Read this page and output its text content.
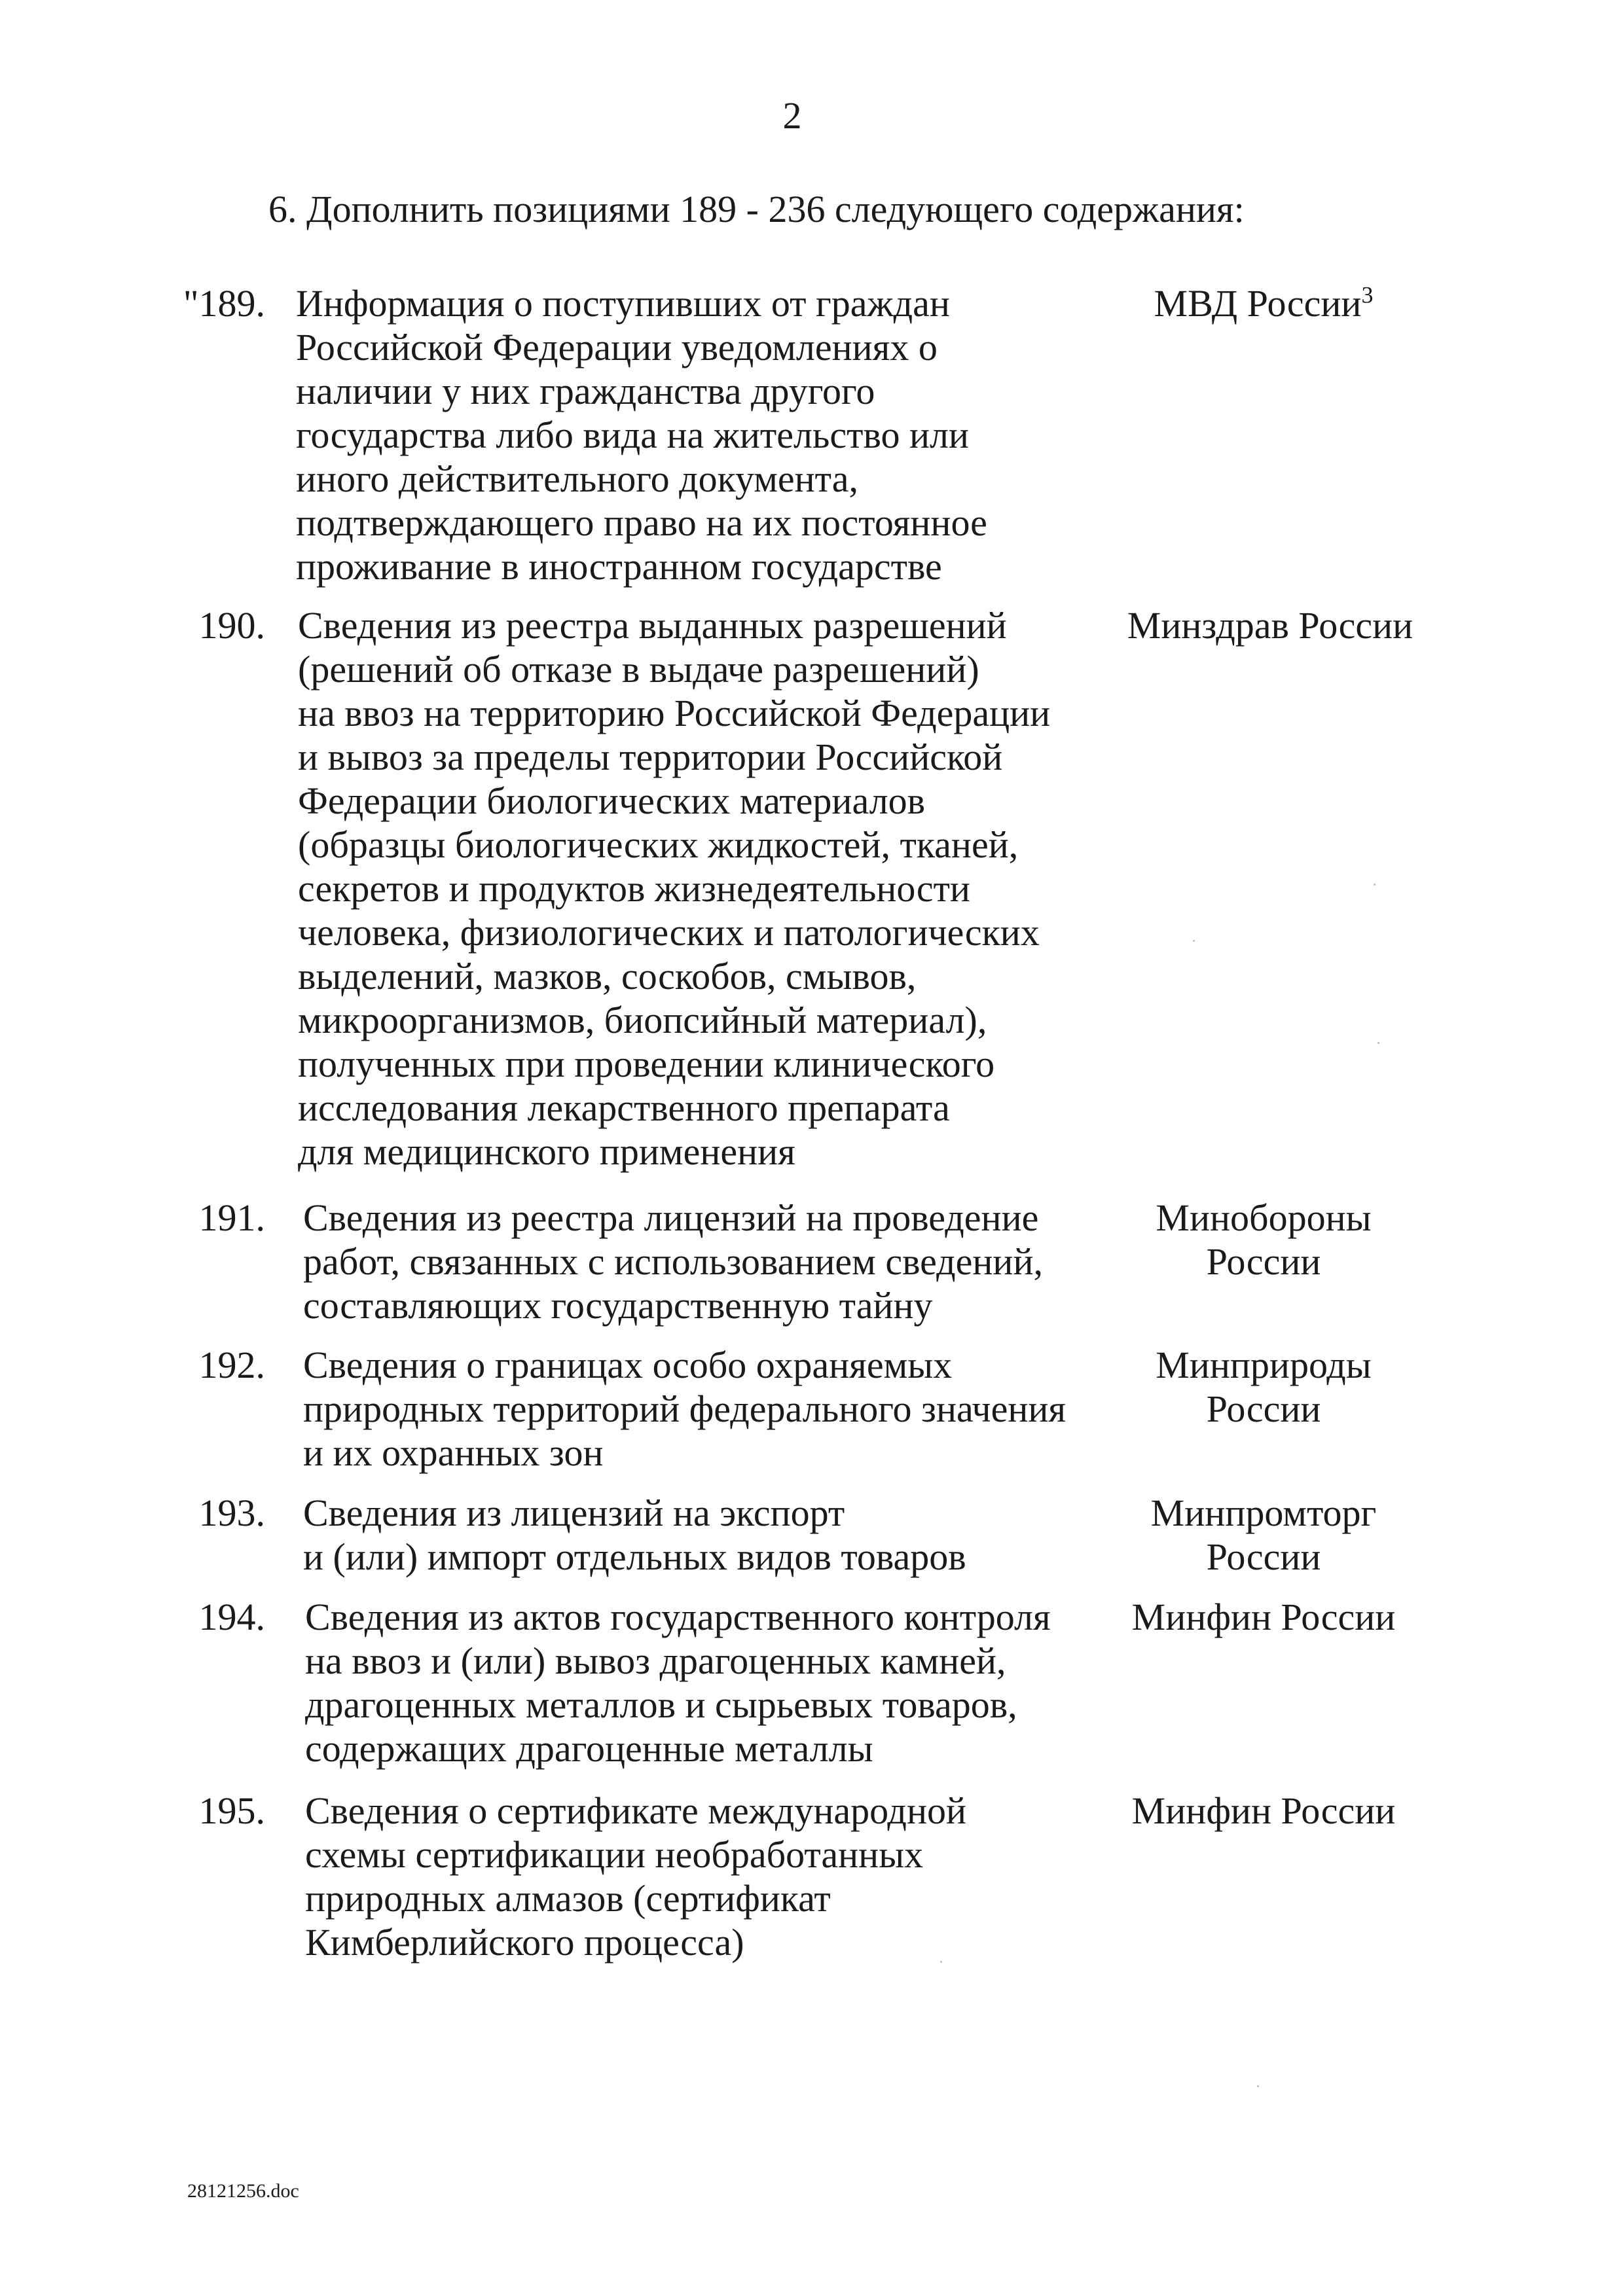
2
6. Дополнить позициями 189 - 236 следующего содержания:
"189. Информация о поступивших от граждан
Российской Федерации уведомлениях о
наличии у них гражданства другого
государства либо вида на жительство или
иного действительного документа,
подтверждающего право на их постоянное
проживание в иностранном государстве
МВД России$^3$
190. Сведения из реестра выданных разрешений
(решений об отказе в выдаче разрешений)
на ввоз на территорию Российской Федерации
и вывоз за пределы территории Российской
Федерации биологических материалов
(образцы биологических жидкостей, тканей,
секретов и продуктов жизнедеятельности
человека, физиологических и патологических
выделений, мазков, соскобов, смывов,
микроорганизмов, биопсийный материал),
полученных при проведении клинического
исследования лекарственного препарата
для медицинского применения
Минздрав России
191. Сведения из реестра лицензий на проведение
работ, связанных с использованием сведений,
составляющих государственную тайну
Минобороны
России
192. Сведения о границах особо охраняемых
природных территорий федерального значения
и их охранных зон
Минприроды
России
193. Сведения из лицензий на экспорт
и (или) импорт отдельных видов товаров
Минпромторг
России
194. Сведения из актов государственного контроля
на ввоз и (или) вывоз драгоценных камней,
драгоценных металлов и сырьевых товаров,
содержащих драгоценные металлы
Минфин России
195. Сведения о сертификате международной
схемы сертификации необработанных
природных алмазов (сертификат
Кимберлийского процесса)
Минфин России
28121256.doc
